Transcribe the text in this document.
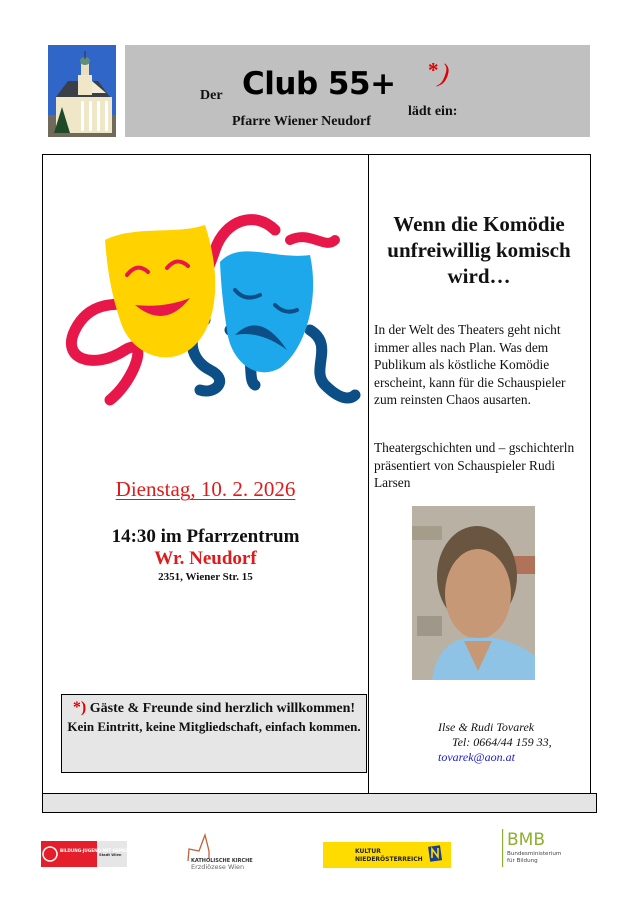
Der Club 55+ * )
Pfarre Wiener Neudorf
lädt ein:
Dienstag, 10. 2. 2026
14:30 im Pfarrzentrum
Wr. Neudorf
2351, Wiener Str. 15
*) Gäste & Freunde sind herzlich willkommen!
Kein Eintritt, keine Mitgliedschaft, einfach kommen.
Wenn die Komödie unfreiwillig komisch wird…
In der Welt des Theaters geht nicht immer alles nach Plan. Was dem Publikum als köstliche Komödie erscheint, kann für die Schauspieler zum reinsten Chaos ausarten.
Theatergschichten und – gschichterln präsentiert von Schauspieler Rudi Larsen
Ilse & Rudi Tovarek
Tel: 0664/44 159 33,
tovarek@aon.at
BILDUNG·JUGEND MIT GEMEINDE WIEN
Stadt Wien
KATHOLISCHE KIRCHE
Erzdiözese Wien
KULTUR
NIEDERÖSTERREICH
BMB
Bundesministerium
für Bildung
